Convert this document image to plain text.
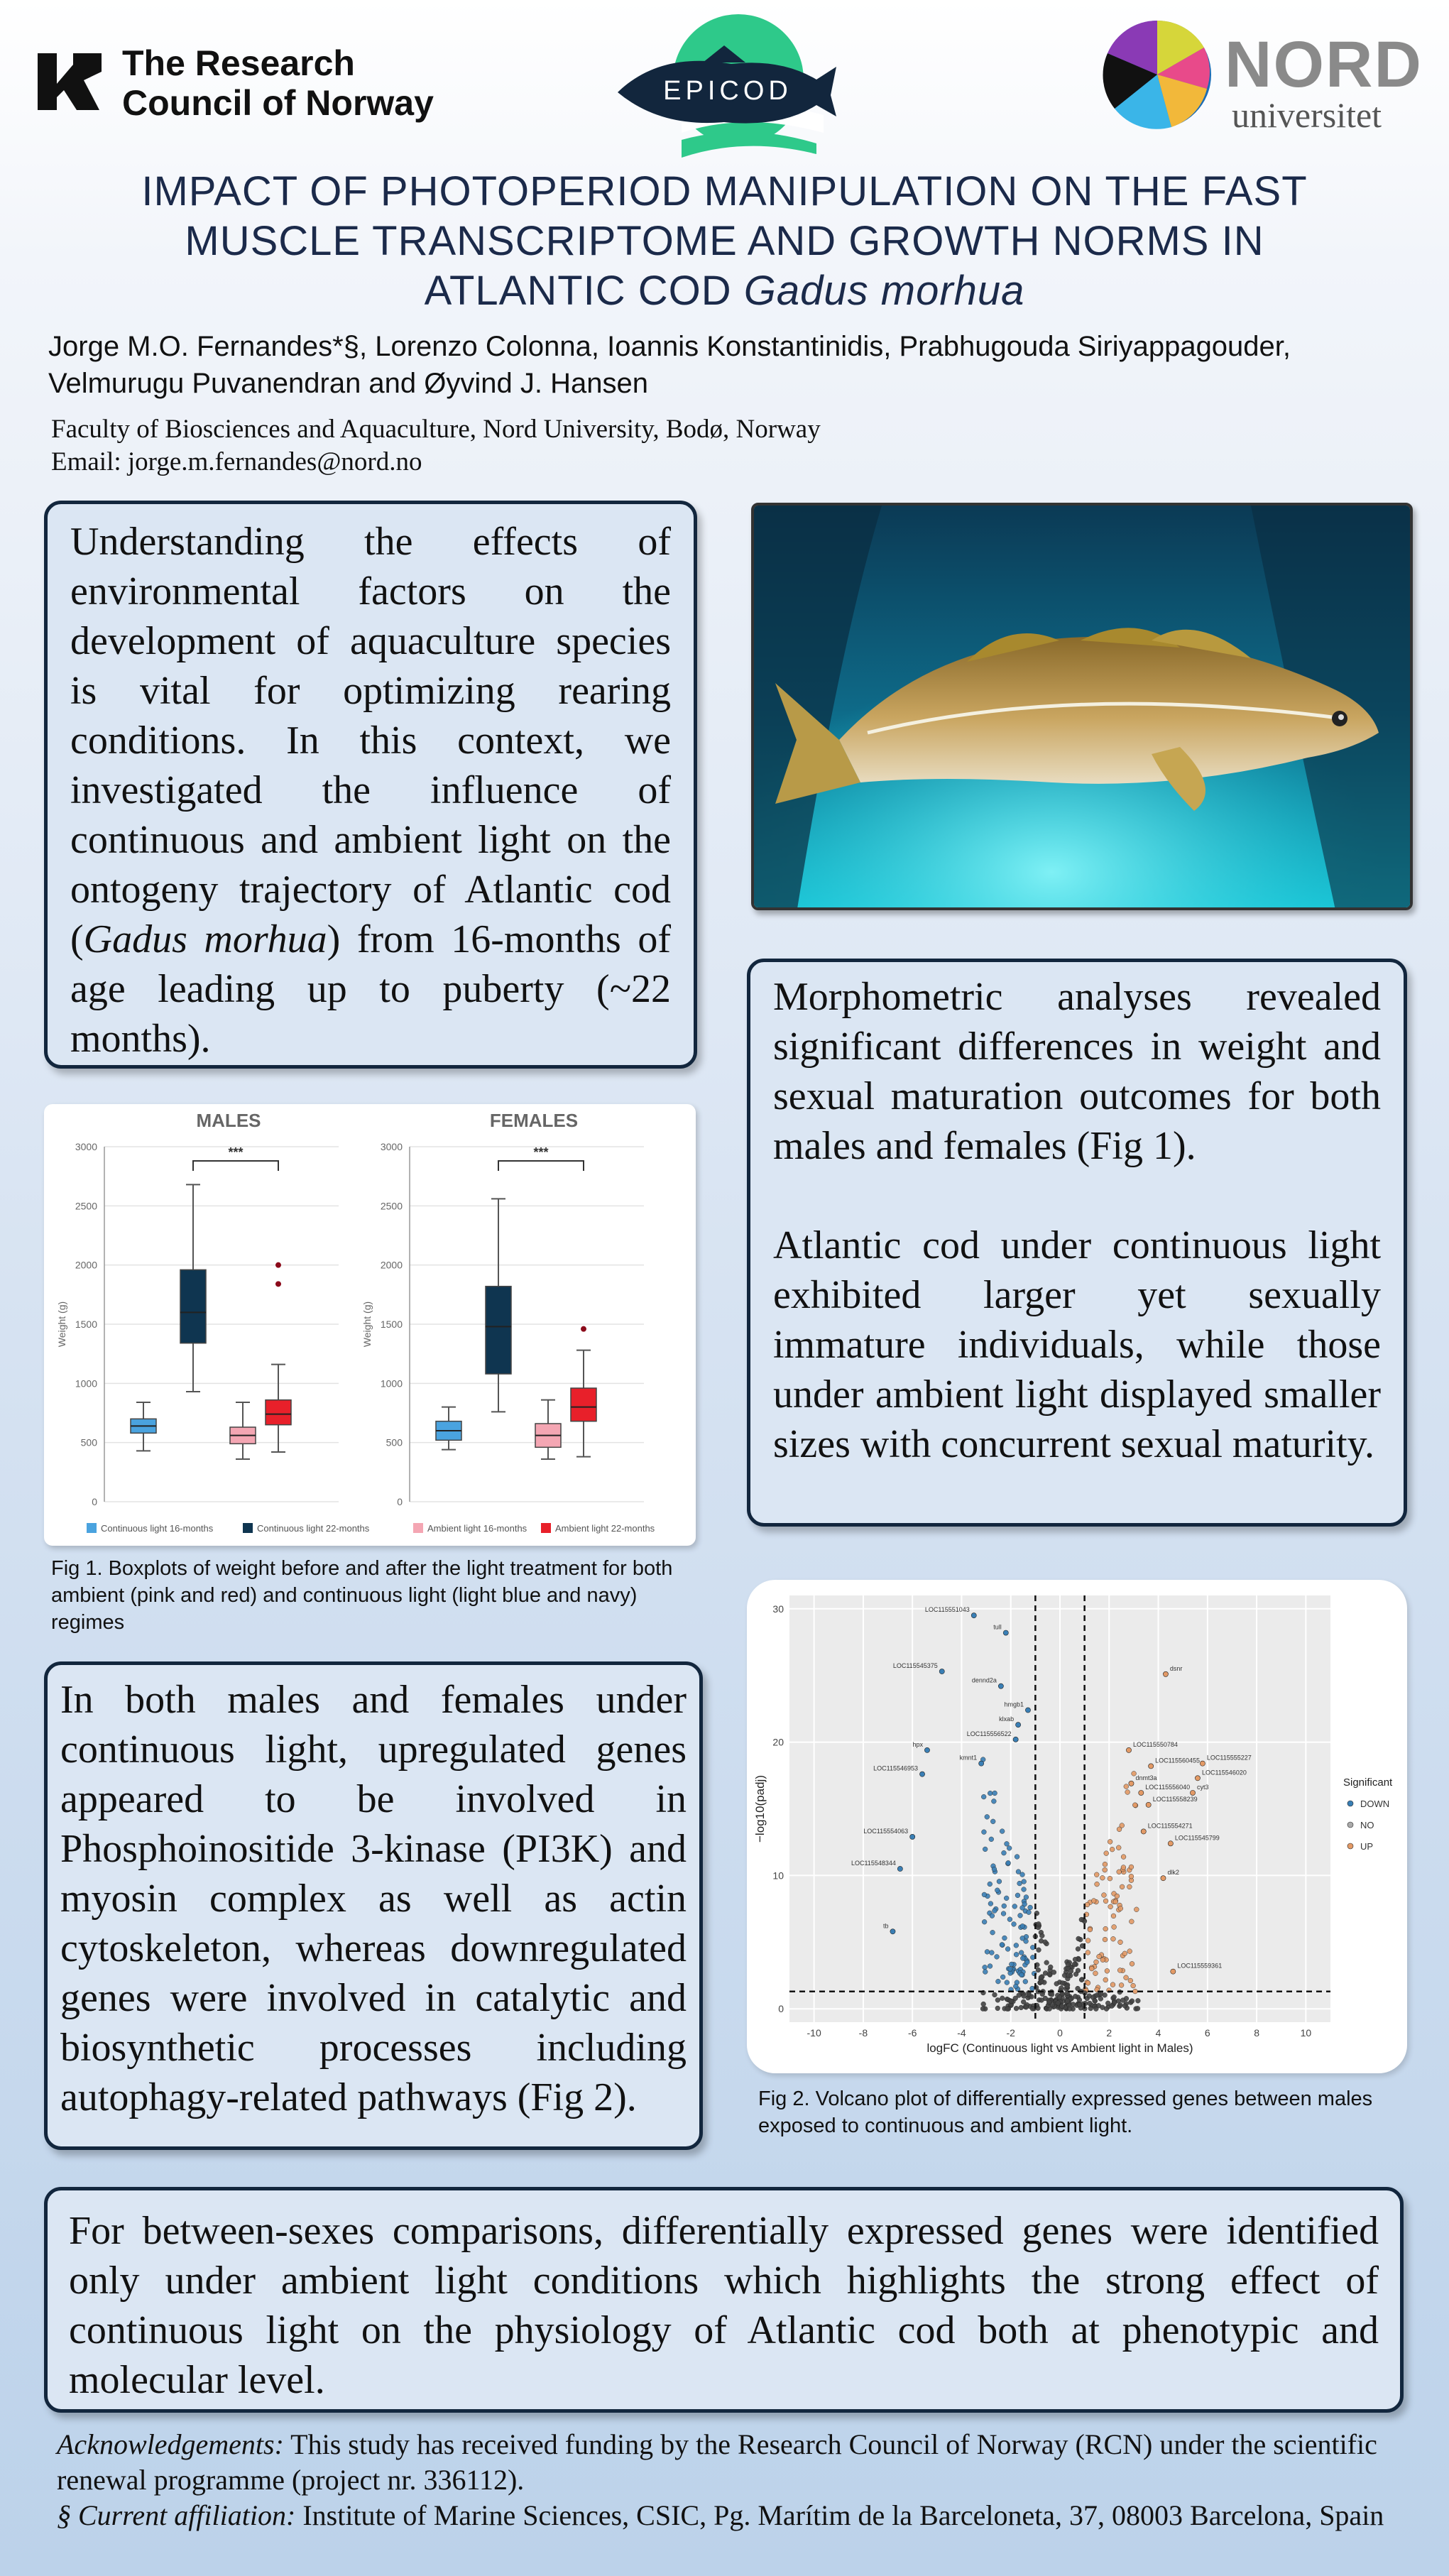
The Research
Council of Norway	EPICOD	NORD
universitet
IMPACT OF PHOTOPERIOD MANIPULATION ON THE FAST
MUSCLE TRANSCRIPTOME AND GROWTH NORMS IN
ATLANTIC COD Gadus morhua
Jorge M.O. Fernandes*§, Lorenzo Colonna, Ioannis Konstantinidis, Prabhugouda Siriyappagouder,
Velmurugu Puvanendran and Øyvind J. Hansen
Faculty of Biosciences and Aquaculture, Nord University, Bodø, Norway
Email: jorge.m.fernandes@nord.no
Understanding the effects of environmental factors on the development of aquaculture species is vital for optimizing rearing conditions. In this context, we investigated the influence of continuous and ambient light on the ontogeny trajectory of Atlantic cod (Gadus morhua) from 16-months of age leading up to puberty (~22 months).
Morphometric analyses revealed significant differences in weight and sexual maturation outcomes for both males and females (Fig 1).
Atlantic cod under continuous light exhibited larger yet sexually immature individuals, while those under ambient light displayed smaller sizes with concurrent sexual maturity.
MALES
0
500
1000
1500
2000
2500
3000
Weight (g)
***
FEMALES
0
500
1000
1500
2000
2500
3000
Weight (g)
***
Continuous light 16-months	Continuous light 22-months	Ambient light 16-months	Ambient light 22-months
Fig 1. Boxplots of weight before and after the light treatment for both ambient (pink and red) and continuous light (light blue and navy) regimes
In both males and females under continuous light, upregulated genes appeared to be involved in Phosphoinositide 3-kinase (PI3K) and myosin complex as well as actin cytoskeleton, whereas downregulated genes were involved in catalytic and biosynthetic processes including autophagy-related pathways (Fig 2).
-10	-8	-6	-4	-2	0	2	4	6	8	10
0
10
20
30	LOC115551043
tull
LOC115545375
dennd2a
dsnr
hmgb1
klxab
LOC115556522
LOC115550784
LOC115555227
LOC115560455
LOC115546020
hpx
kmnt1
LOC115546953
dnmt3a
LOC115556040 cyt3
LOC115558239
LOC115554063
LOC115548344
LOC115554271
LOC115545799
dlk2
tb
LOC115559361
logFC (Continuous light vs Ambient light in Males)
−log10(padj)	Significant
DOWN
NO
UP
Fig 2. Volcano plot of differentially expressed genes between males exposed to continuous and ambient light.
For between-sexes comparisons, differentially expressed genes were identified only under ambient light conditions which highlights the strong effect of continuous light on the physiology of Atlantic cod both at phenotypic and molecular level.
Acknowledgements: This study has received funding by the Research Council of Norway (RCN) under the scientific renewal programme (project nr. 336112).
§ Current affiliation: Institute of Marine Sciences, CSIC, Pg. Marítim de la Barceloneta, 37, 08003 Barcelona, Spain
